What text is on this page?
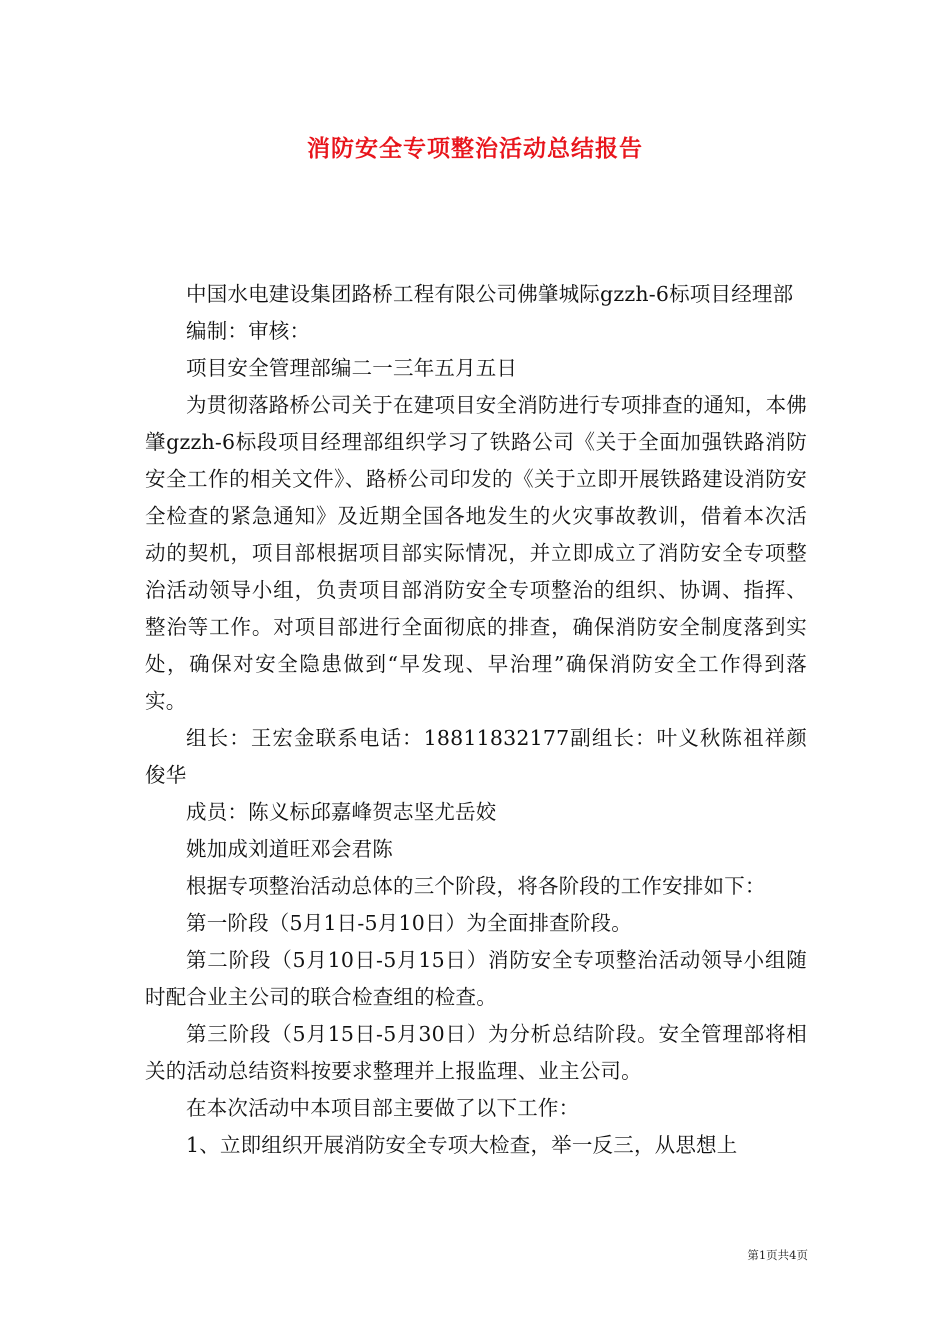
消防安全专项整治活动总结报告

中国水电建设集团路桥工程有限公司佛肇城际gzzh-6标项目经理部

编制：审核：

项目安全管理部编二一三年五月五日

为贯彻落路桥公司关于在建项目安全消防进行专项排查的通知，本佛肇gzzh-6标段项目经理部组织学习了铁路公司《关于全面加强铁路消防安全工作的相关文件》、路桥公司印发的《关于立即开展铁路建设消防安全检查的紧急通知》及近期全国各地发生的火灾事故教训，借着本次活动的契机，项目部根据项目部实际情况，并立即成立了消防安全专项整治活动领导小组，负责项目部消防安全专项整治的组织、协调、指挥、整治等工作。对项目部进行全面彻底的排查，确保消防安全制度落到实处，确保对安全隐患做到“早发现、早治理”确保消防安全工作得到落实。

组长：王宏金联系电话：18811832177副组长：叶义秋陈祖祥颜俊华

成员：陈义标邱嘉峰贺志坚尤岳姣

姚加成刘道旺邓会君陈

根据专项整治活动总体的三个阶段，将各阶段的工作安排如下：

第一阶段（5月1日-5月10日）为全面排查阶段。

第二阶段（5月10日-5月15日）消防安全专项整治活动领导小组随时配合业主公司的联合检查组的检查。

第三阶段（5月15日-5月30日）为分析总结阶段。安全管理部将相关的活动总结资料按要求整理并上报监理、业主公司。

在本次活动中本项目部主要做了以下工作：

1、立即组织开展消防安全专项大检查，举一反三，从思想上

第1页共4页
